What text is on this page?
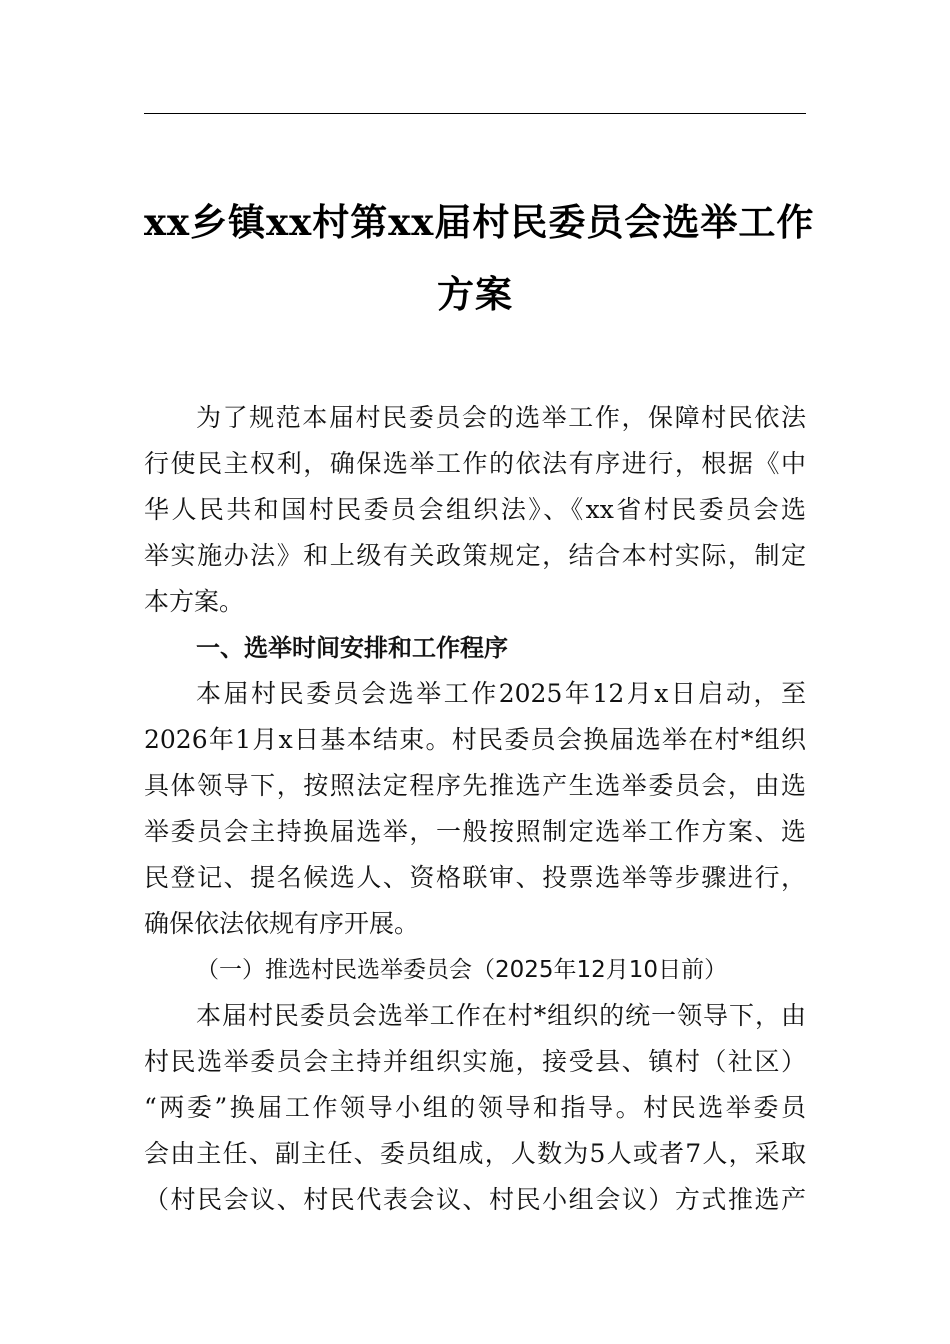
xx乡镇xx村第xx届村民委员会选举工作
方案
为了规范本届村民委员会的选举工作，保障村民依法
行使民主权利，确保选举工作的依法有序进行，根据《中
华人民共和国村民委员会组织法》、《xx省村民委员会选
举实施办法》和上级有关政策规定，结合本村实际，制定
本方案。
一、选举时间安排和工作程序
本届村民委员会选举工作2025年12月x日启动，至
2026年1月x日基本结束。村民委员会换届选举在村*组织
具体领导下，按照法定程序先推选产生选举委员会，由选
举委员会主持换届选举，一般按照制定选举工作方案、选
民登记、提名候选人、资格联审、投票选举等步骤进行，
确保依法依规有序开展。
（一）推选村民选举委员会（2025年12月10日前）
本届村民委员会选举工作在村*组织的统一领导下，由
村民选举委员会主持并组织实施，接受县、镇村（社区）
“两委”换届工作领导小组的领导和指导。村民选举委员
会由主任、副主任、委员组成，人数为5人或者7人，采取
（村民会议、村民代表会议、村民小组会议）方式推选产
